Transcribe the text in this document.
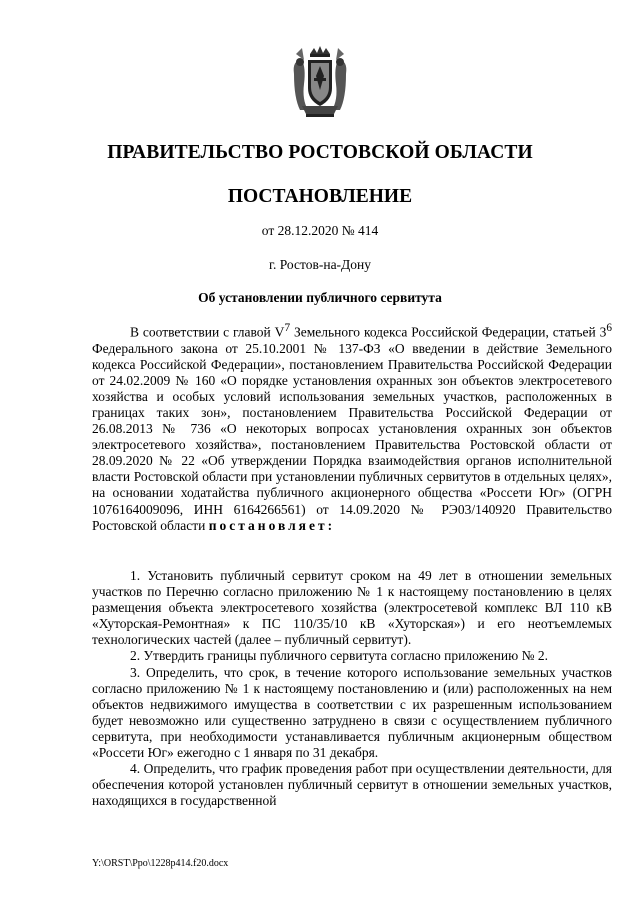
ПРАВИТЕЛЬСТВО РОСТОВСКОЙ ОБЛАСТИ
ПОСТАНОВЛЕНИЕ
от 28.12.2020 № 414
г. Ростов-на-Дону
Об установлении публичного сервитута

В соответствии с главой $V^7$ Земельного кодекса Российской Федерации, статьей $3^6$ Федерального закона от 25.10.2001 № 137-ФЗ «О введении в действие Земельного кодекса Российской Федерации», постановлением Правительства Российской Федерации от 24.02.2009 № 160 «О порядке установления охранных зон объектов электросетевого хозяйства и особых условий использования земельных участков, расположенных в границах таких зон», постановлением Правительства Российской Федерации от 26.08.2013 № 736 «О некоторых вопросах установления охранных зон объектов электросетевого хозяйства», постановлением Правительства Ростовской области от 28.09.2020 № 22 «Об утверждении Порядка взаимодействия органов исполнительной власти Ростовской области при установлении публичных сервитутов в отдельных целях», на основании ходатайства публичного акционерного общества «Россети Юг» (ОГРН 1076164009096, ИНН 6164266561) от 14.09.2020 № РЭ03/140920 Правительство Ростовской области постановляет:

1. Установить публичный сервитут сроком на 49 лет в отношении земельных участков по Перечню согласно приложению № 1 к настоящему постановлению в целях размещения объекта электросетевого хозяйства (электросетевой комплекс ВЛ 110 кВ «Хуторская-Ремонтная» к ПС 110/35/10 кВ «Хуторская») и его неотъемлемых технологических частей (далее – публичный сервитут).

2. Утвердить границы публичного сервитута согласно приложению № 2.

3. Определить, что срок, в течение которого использование земельных участков согласно приложению № 1 к настоящему постановлению и (или) расположенных на нем объектов недвижимого имущества в соответствии с их разрешенным использованием будет невозможно или существенно затруднено в связи с осуществлением публичного сервитута, при необходимости устанавливается публичным акционерным обществом «Россети Юг» ежегодно с 1 января по 31 декабря.

4. Определить, что график проведения работ при осуществлении деятельности, для обеспечения которой установлен публичный сервитут в отношении земельных участков, находящихся в государственной

Y:\ORST\Ppo\1228p414.f20.docx
